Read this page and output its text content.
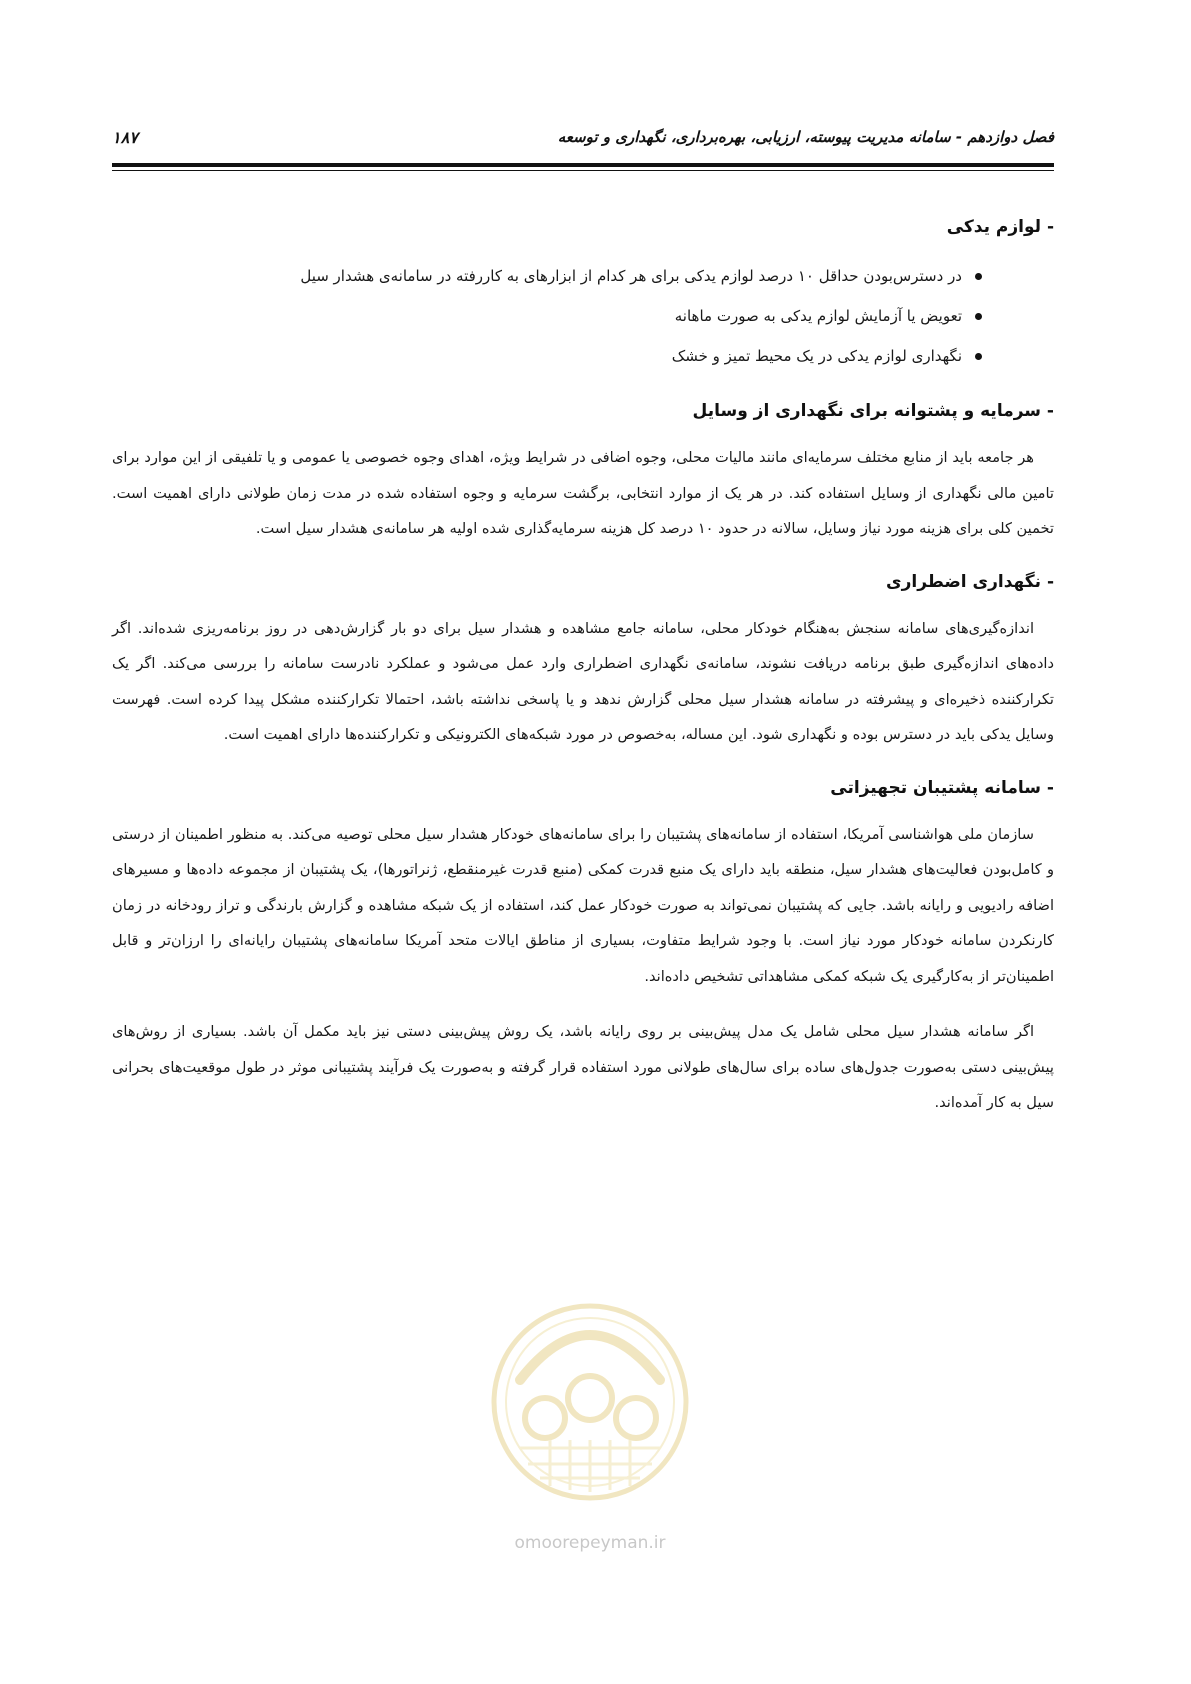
فصل دوازدهم - سامانه مدیریت پیوسته، ارزیابی، بهره‌برداری، نگهداری و توسعه
۱۸۷
- لوازم یدکی
در دسترس‌بودن حداقل ۱۰ درصد لوازم یدکی برای هر کدام از ابزارهای به کاررفته در سامانه‌ی هشدار سیل
تعویض یا آزمایش لوازم یدکی به صورت ماهانه
نگهداری لوازم یدکی در یک محیط تمیز و خشک
- سرمایه و پشتوانه برای نگهداری از وسایل

هر جامعه باید از منابع مختلف سرمایه‌ای مانند مالیات محلی، وجوه اضافی در شرایط ویژه، اهدای وجوه خصوصی یا عمومی و یا تلفیقی از این موارد برای تامین مالی نگهداری از وسایل استفاده کند. در هر یک از موارد انتخابی، برگشت سرمایه و وجوه استفاده شده در مدت زمان طولانی دارای اهمیت است. تخمین کلی برای هزینه مورد نیاز وسایل، سالانه در حدود ۱۰ درصد کل هزینه سرمایه‌گذاری شده اولیه هر سامانه‌ی هشدار سیل است.

- نگهداری اضطراری

اندازه‌گیری‌های سامانه سنجش به‌هنگام خودکار محلی، سامانه جامع مشاهده و هشدار سیل برای دو بار گزارش‌دهی در روز برنامه‌ریزی شده‌اند. اگر داده‌های اندازه‌گیری طبق برنامه دریافت نشوند، سامانه‌ی نگهداری اضطراری وارد عمل می‌شود و عملکرد نادرست سامانه را بررسی می‌کند. اگر یک تکرارکننده ذخیره‌ای و پیشرفته در سامانه هشدار سیل محلی گزارش ندهد و یا پاسخی نداشته باشد، احتمالا تکرارکننده مشکل پیدا کرده است. فهرست وسایل یدکی باید در دسترس بوده و نگهداری شود. این مساله، به‌خصوص در مورد شبکه‌های الکترونیکی و تکرارکننده‌ها دارای اهمیت است.

- سامانه پشتیبان تجهیزاتی

سازمان ملی هواشناسی آمریکا، استفاده از سامانه‌های پشتیبان را برای سامانه‌های خودکار هشدار سیل محلی توصیه می‌کند. به منظور اطمینان از درستی و کامل‌بودن فعالیت‌های هشدار سیل، منطقه باید دارای یک منبع قدرت کمکی (منبع قدرت غیرمنقطع، ژنراتورها)، یک پشتیبان از مجموعه داده‌ها و مسیرهای اضافه رادیویی و رایانه باشد. جایی که پشتیبان نمی‌تواند به صورت خودکار عمل کند، استفاده از یک شبکه مشاهده و گزارش بارندگی و تراز رودخانه در زمان کارنکردن سامانه خودکار مورد نیاز است. با وجود شرایط متفاوت، بسیاری از مناطق ایالات متحد آمریکا سامانه‌های پشتیبان رایانه‌ای را ارزان‌تر و قابل اطمینان‌تر از به‌کارگیری یک شبکه کمکی مشاهداتی تشخیص داده‌اند.

اگر سامانه هشدار سیل محلی شامل یک مدل پیش‌بینی بر روی رایانه باشد، یک روش پیش‌بینی دستی نیز باید مکمل آن باشد. بسیاری از روش‌های پیش‌بینی دستی به‌صورت جدول‌های ساده برای سال‌های طولانی مورد استفاده قرار گرفته و به‌صورت یک فرآیند پشتیبانی موثر در طول موقعیت‌های بحرانی سیل به کار آمده‌اند.

omoorepeyman.ir
